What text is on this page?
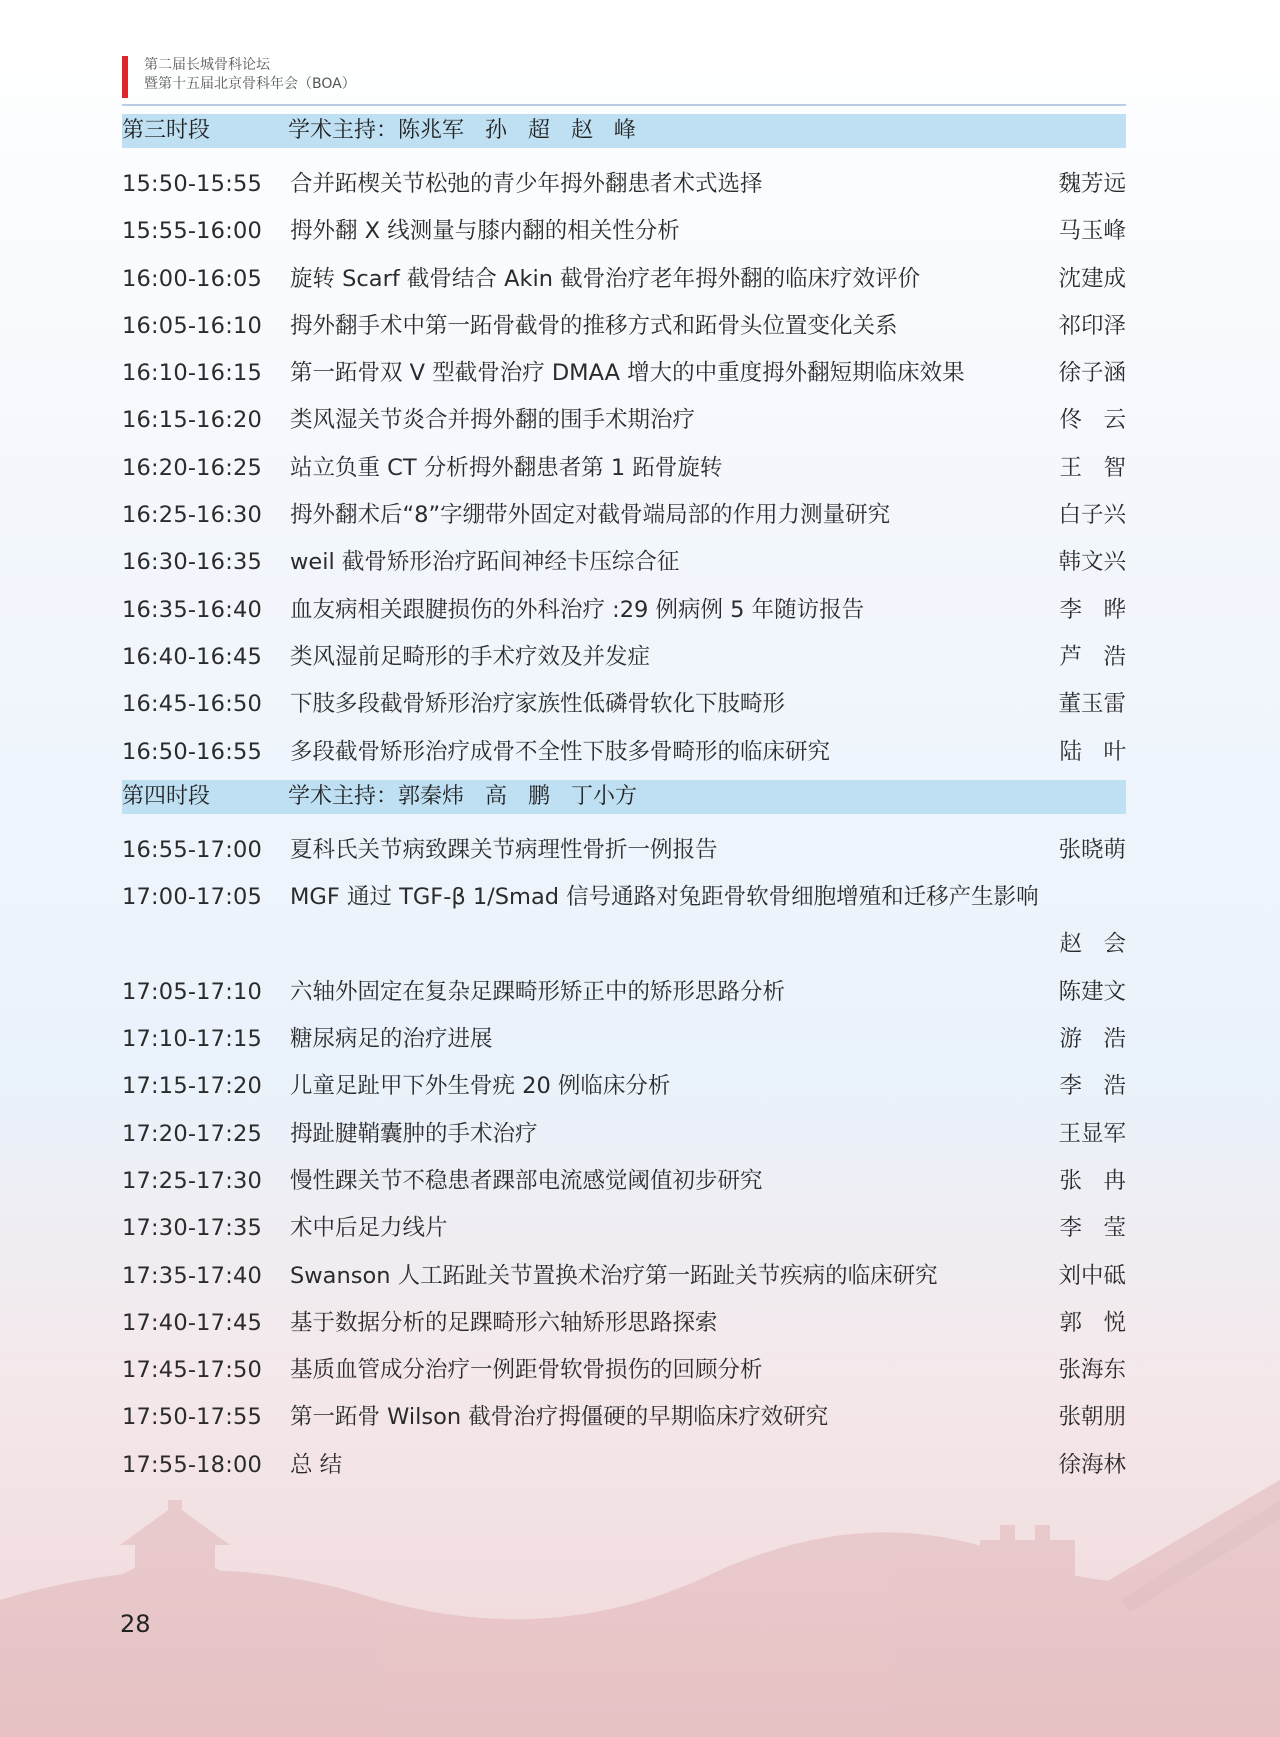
第二届长城骨科论坛
暨第十五届北京骨科年会（BOA）
第三时段	学术主持：陈兆军   孙   超   赵   峰
15:50-15:55 合并跖楔关节松弛的青少年拇外翻患者术式选择	魏芳远
15:55-16:00 拇外翻 X 线测量与膝内翻的相关性分析	马玉峰
16:00-16:05 旋转 Scarf 截骨结合 Akin 截骨治疗老年拇外翻的临床疗效评价	沈建成
16:05-16:10 拇外翻手术中第一跖骨截骨的推移方式和跖骨头位置变化关系	祁印泽
16:10-16:15 第一跖骨双 V 型截骨治疗 DMAA 增大的中重度拇外翻短期临床效果	徐子涵
16:15-16:20 类风湿关节炎合并拇外翻的围手术期治疗	佟   云
16:20-16:25 站立负重 CT 分析拇外翻患者第 1 跖骨旋转	王   智
16:25-16:30 拇外翻术后“8”字绷带外固定对截骨端局部的作用力测量研究	白子兴
16:30-16:35 weil 截骨矫形治疗跖间神经卡压综合征	韩文兴
16:35-16:40 血友病相关跟腱损伤的外科治疗 :29 例病例 5 年随访报告	李   晔
16:40-16:45 类风湿前足畸形的手术疗效及并发症	芦   浩
16:45-16:50 下肢多段截骨矫形治疗家族性低磷骨软化下肢畸形	董玉雷
16:50-16:55 多段截骨矫形治疗成骨不全性下肢多骨畸形的临床研究	陆   叶
第四时段	学术主持：郭秦炜   高   鹏   丁小方
16:55-17:00 夏科氏关节病致踝关节病理性骨折一例报告	张晓萌
17:00-17:05 MGF 通过 TGF-β 1/Smad 信号通路对兔距骨软骨细胞增殖和迁移产生影响
赵   会
17:05-17:10 六轴外固定在复杂足踝畸形矫正中的矫形思路分析	陈建文
17:10-17:15 糖尿病足的治疗进展	游   浩
17:15-17:20 儿童足趾甲下外生骨疣 20 例临床分析	李   浩
17:20-17:25 拇趾腱鞘囊肿的手术治疗	王显军
17:25-17:30 慢性踝关节不稳患者踝部电流感觉阈值初步研究	张   冉
17:30-17:35 术中后足力线片	李   莹
17:35-17:40 Swanson 人工跖趾关节置换术治疗第一跖趾关节疾病的临床研究	刘中砥
17:40-17:45 基于数据分析的足踝畸形六轴矫形思路探索	郭   悦
17:45-17:50 基质血管成分治疗一例距骨软骨损伤的回顾分析	张海东
17:50-17:55 第一跖骨 Wilson 截骨治疗拇僵硬的早期临床疗效研究	张朝朋
17:55-18:00 总 结	徐海林
28
